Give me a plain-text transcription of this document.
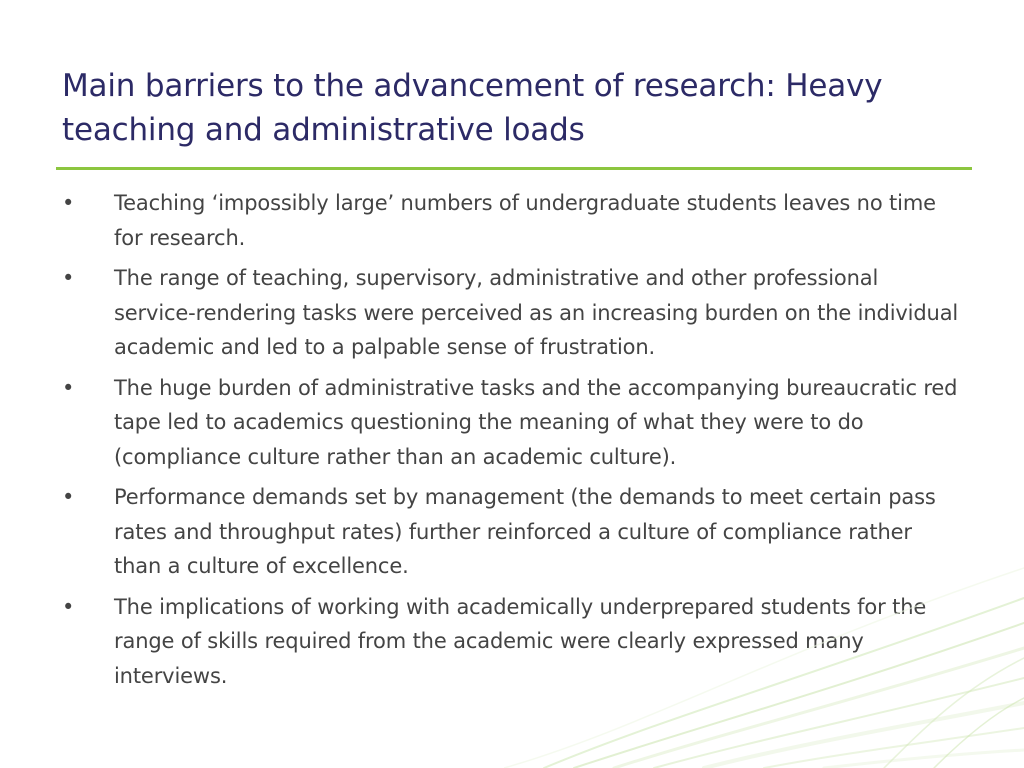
Main barriers to the advancement of research: Heavy teaching and administrative loads
•	Teaching ‘impossibly large’ numbers of undergraduate students leaves no time for research.
•	The range of teaching, supervisory, administrative and other professional service-rendering tasks were perceived as an increasing burden on the individual academic and led to a palpable sense of frustration.
•	The huge burden of administrative tasks and the accompanying bureaucratic red tape led to academics questioning the meaning of what they were to do (compliance culture rather than an academic culture).
•	Performance demands set by management (the demands to meet certain pass rates and throughput rates) further reinforced a culture of compliance rather than a culture of excellence.
•	The implications of working with academically underprepared students for the range of skills required from the academic were clearly expressed many interviews.
